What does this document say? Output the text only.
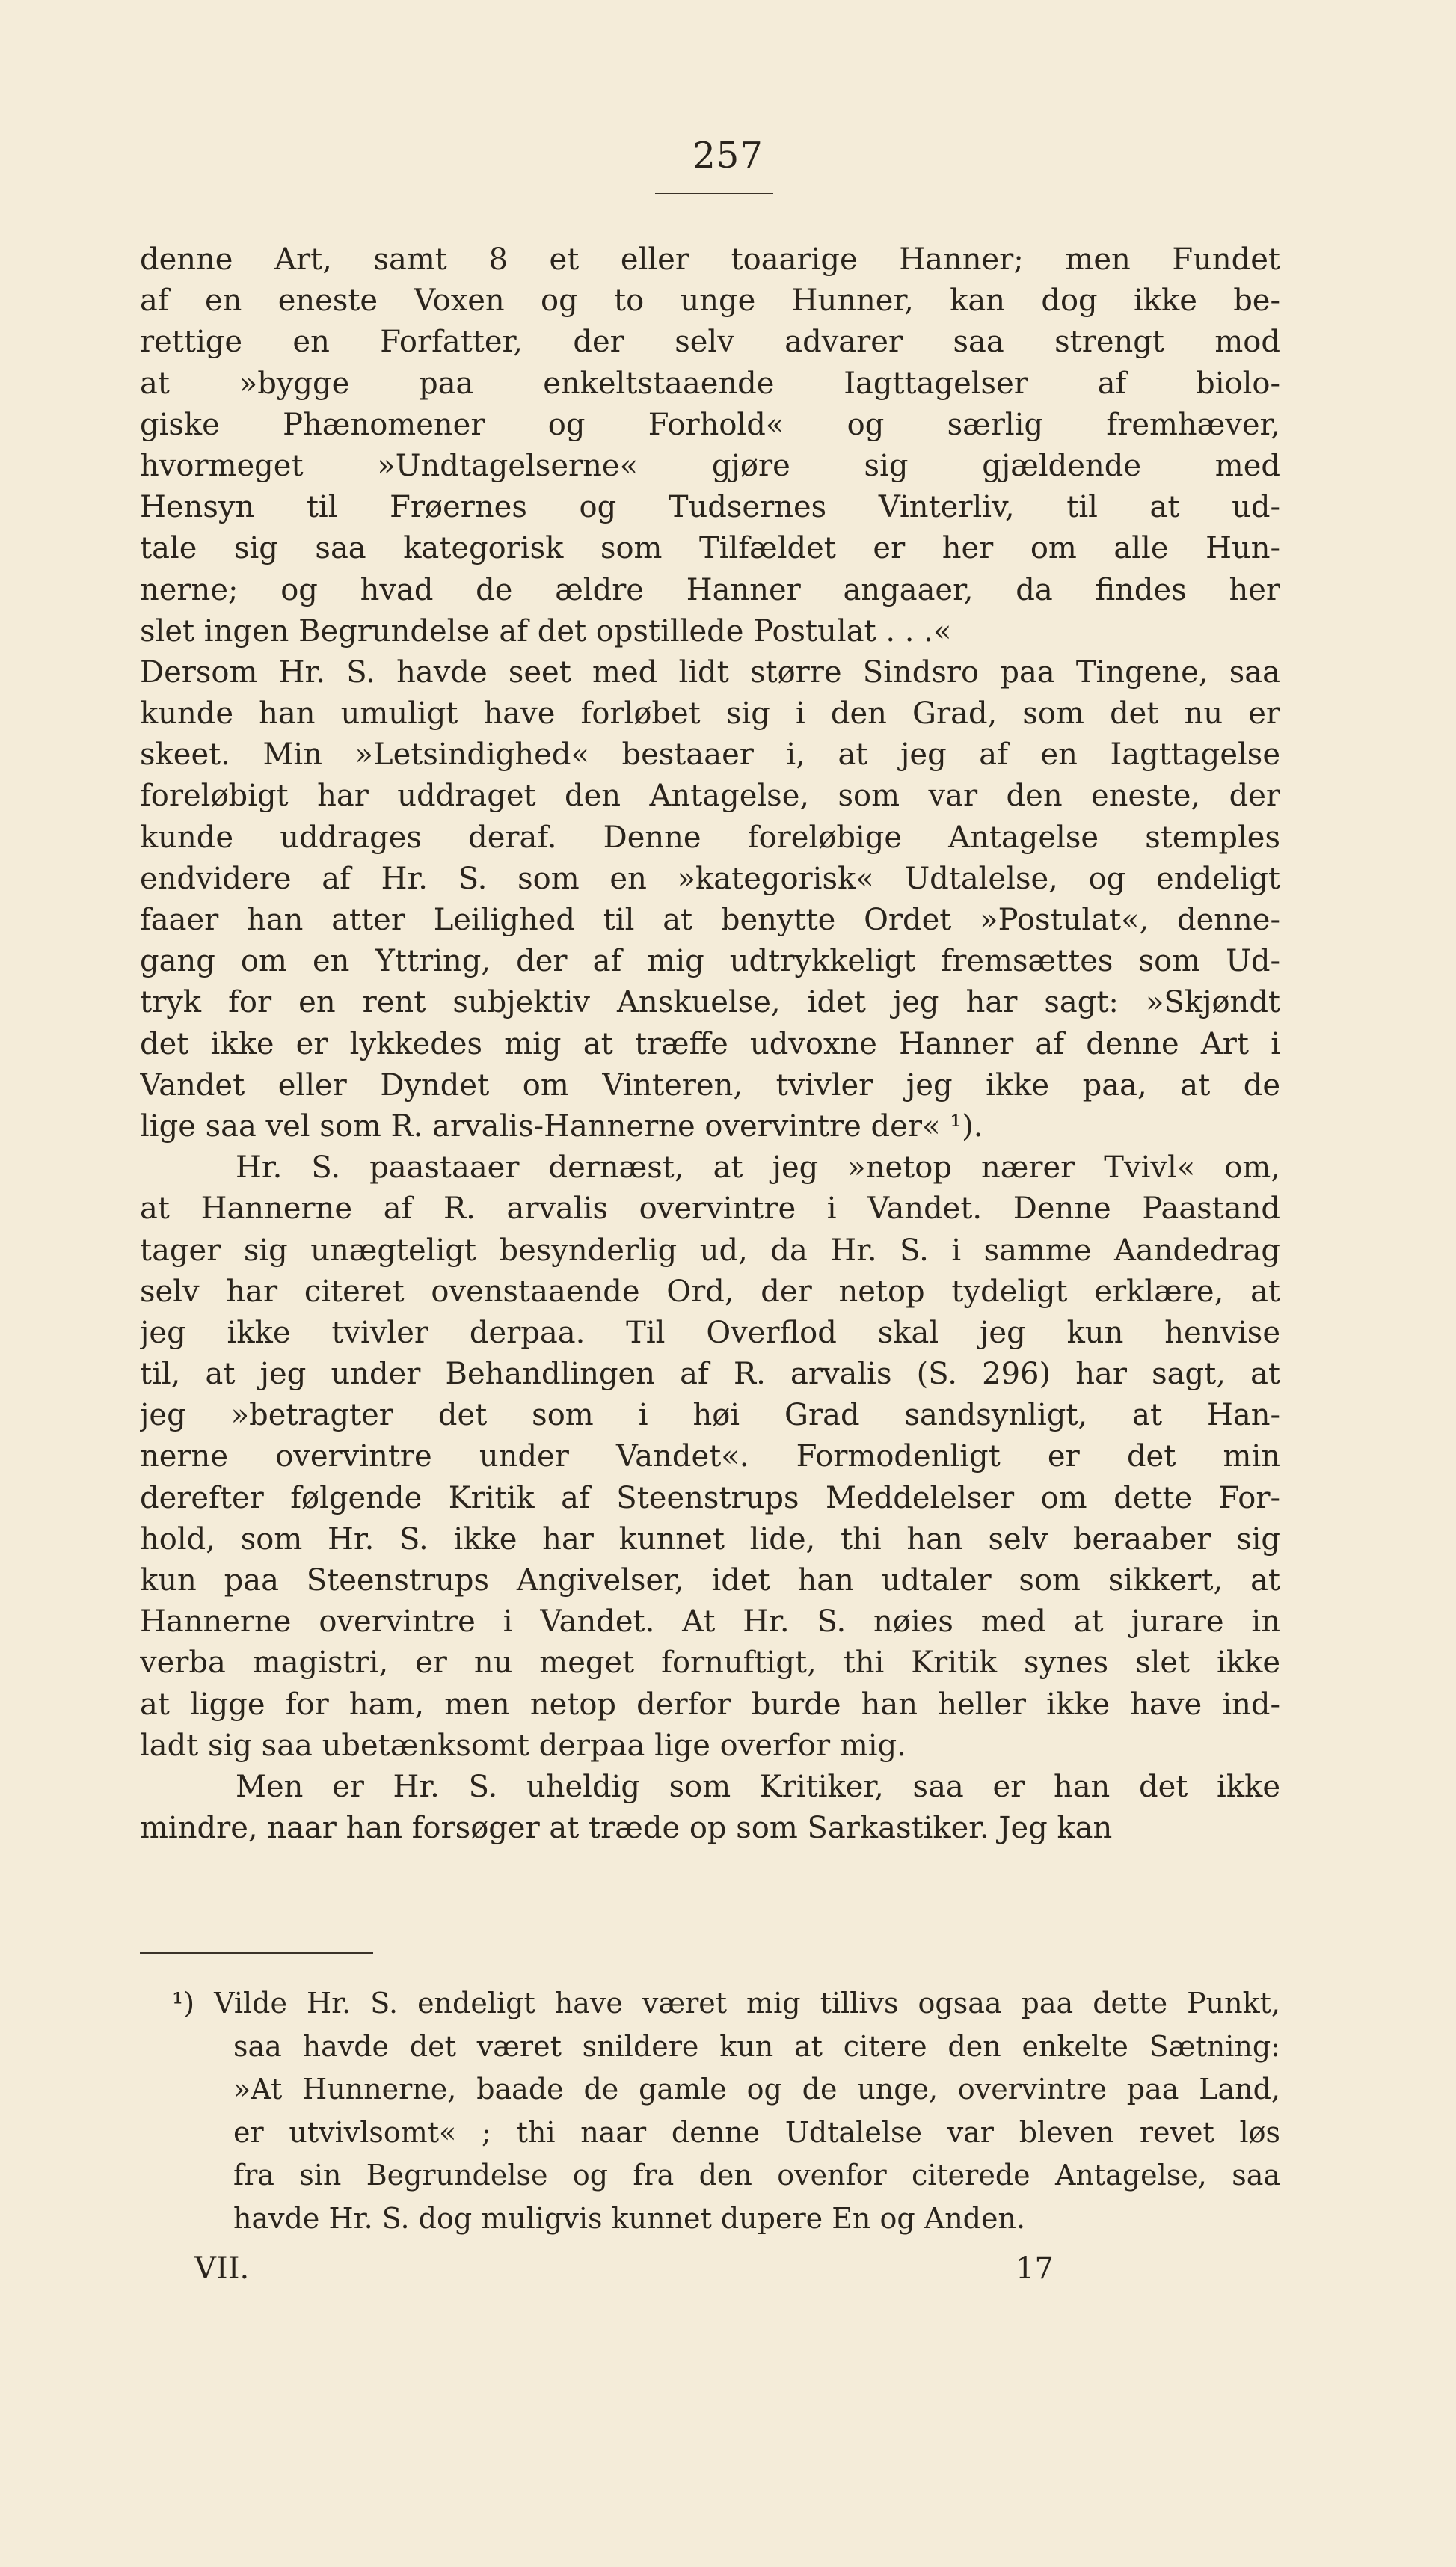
257
denne Art, samt 8 et eller toaarige Hanner; men Fundet
af en eneste Voxen og to unge Hunner, kan dog ikke be-
rettige en Forfatter, der selv advarer saa strengt mod
at »bygge paa enkeltstaaende Iagttagelser af biolo-
giske Phænomener og Forhold« og særlig fremhæver,
hvormeget »Undtagelserne« gjøre sig gjældende med
Hensyn til Frøernes og Tudsernes Vinterliv, til at ud-
tale sig saa kategorisk som Tilfældet er her om alle Hun-
nerne; og hvad de ældre Hanner angaaer, da findes her
slet ingen Begrundelse af det opstillede Postulat . . .«
Dersom Hr. S. havde seet med lidt større Sindsro paa Tingene, saa
kunde han umuligt have forløbet sig i den Grad, som det nu er
skeet. Min »Letsindighed« bestaaer i, at jeg af en Iagttagelse
foreløbigt har uddraget den Antagelse, som var den eneste, der
kunde uddrages deraf. Denne foreløbige Antagelse stemples
endvidere af Hr. S. som en »kategorisk« Udtalelse, og endeligt
faaer han atter Leilighed til at benytte Ordet »Postulat«, denne-
gang om en Yttring, der af mig udtrykkeligt fremsættes som Ud-
tryk for en rent subjektiv Anskuelse, idet jeg har sagt: »Skjøndt
det ikke er lykkedes mig at træffe udvoxne Hanner af denne Art i
Vandet eller Dyndet om Vinteren, tvivler jeg ikke paa, at de
lige saa vel som R. arvalis-Hannerne overvintre der« ¹).
Hr. S. paastaaer dernæst, at jeg »netop nærer Tvivl« om,
at Hannerne af R. arvalis overvintre i Vandet. Denne Paastand
tager sig unægteligt besynderlig ud, da Hr. S. i samme Aandedrag
selv har citeret ovenstaaende Ord, der netop tydeligt erklære, at
jeg ikke tvivler derpaa. Til Overflod skal jeg kun henvise
til, at jeg under Behandlingen af R. arvalis (S. 296) har sagt, at
jeg »betragter det som i høi Grad sandsynligt, at Han-
nerne overvintre under Vandet«. Formodenligt er det min
derefter følgende Kritik af Steenstrups Meddelelser om dette For-
hold, som Hr. S. ikke har kunnet lide, thi han selv beraaber sig
kun paa Steenstrups Angivelser, idet han udtaler som sikkert, at
Hannerne overvintre i Vandet. At Hr. S. nøies med at jurare in
verba magistri, er nu meget fornuftigt, thi Kritik synes slet ikke
at ligge for ham, men netop derfor burde han heller ikke have ind-
ladt sig saa ubetænksomt derpaa lige overfor mig.
Men er Hr. S. uheldig som Kritiker, saa er han det ikke
mindre, naar han forsøger at træde op som Sarkastiker. Jeg kan
¹) Vilde Hr. S. endeligt have været mig tillivs ogsaa paa dette Punkt,
saa havde det været snildere kun at citere den enkelte Sætning:
»At Hunnerne, baade de gamle og de unge, overvintre paa Land,
er utvivlsomt« ; thi naar denne Udtalelse var bleven revet løs
fra sin Begrundelse og fra den ovenfor citerede Antagelse, saa
havde Hr. S. dog muligvis kunnet dupere En og Anden.
VII.	17
